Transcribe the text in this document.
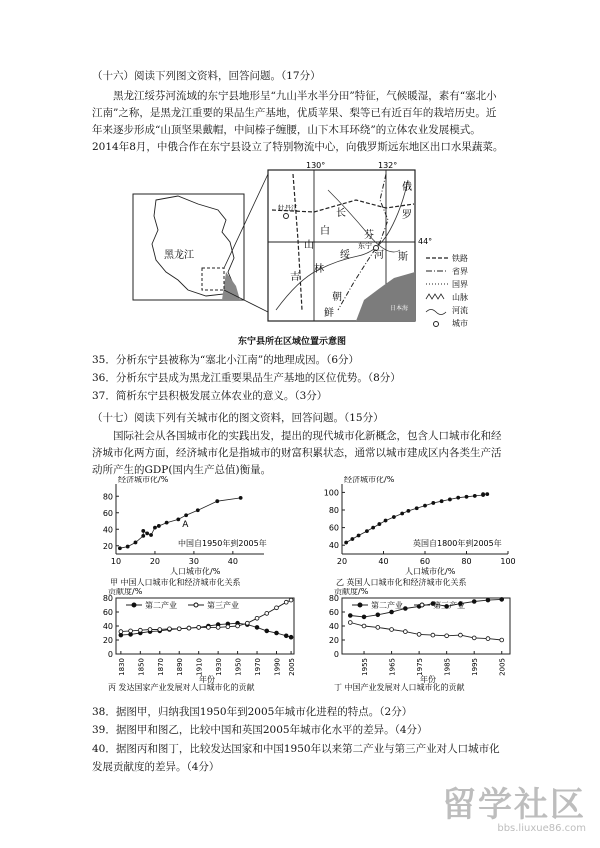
（十六）阅读下列图文资料，回答问题。（17分）
黑龙江绥芬河流域的东宁县地形呈“九山半水半分田”特征，气候暖湿，素有“塞北小江南”之称，是黑龙江重要的果品生产基地，优质苹果、梨等已有近百年的栽培历史。近年来逐步形成“山顶坚果戴帽，中间榛子缠腰，山下木耳环绕”的立体农业发展模式。2014年8月，中俄合作在东宁县设立了特别物流中心，向俄罗斯远东地区出口水果蔬菜。
黑龙江
牡丹江	长
白
山
吉
林
俄
罗
斯
绥
芬
河
东宁
朝
鲜	日本海
130°	132°
44°
铁路
省界
国界
山脉
河流
城市
东宁县所在区域位置示意图
35．分析东宁县被称为“塞北小江南”的地理成因。（6分）
36．分析东宁县成为黑龙江重要果品生产基地的区位优势。（8分）
37．简析东宁县积极发展立体农业的意义。（3分）
（十七）阅读下列有关城市化的图文资料，回答问题。（15分）
国际社会从各国城市化的实践出发，提出的现代城市化新概念，包含人口城市化和经济城市化两方面，经济城市化是指城市的财富积累状态，通常以城市建成区内各类生产活动所产生的GDP(国内生产总值)衡量。
10	20	30	40
20
40
60
80
经济城市化/%
人口城市化/%
中国自1950年到2005年
A
甲 中国人口城市化和经济城市化关系
20	40	60	80	100
40
60
80
100
经济城市化/%
人口城市化/%
英国自1800年到2005年
乙 英国人口城市化和经济城市化关系
0
20
40
60
80
1830 1850 1870 1890 1910 1930 1950 1970 1990 2005
第二产业	第三产业
贡献度/%
年份
丙 发达国家产业发展对人口城市化的贡献
0
20
40
60
80
1955	1965	1975	1985	1995	2005
第二产业	第三产业
贡献度/%
年份
丁 中国产业发展对人口城市化的贡献
38．据图甲，归纳我国1950年到2005年城市化进程的特点。（2分）
39．据图甲和图乙，比较中国和英国2005年城市化水平的差异。（4分）
40．据图丙和图丁，比较发达国家和中国1950年以来第二产业与第三产业对人口城市化发展贡献度的差异。（4分）
留学社区
bbs.liuxue86.com
